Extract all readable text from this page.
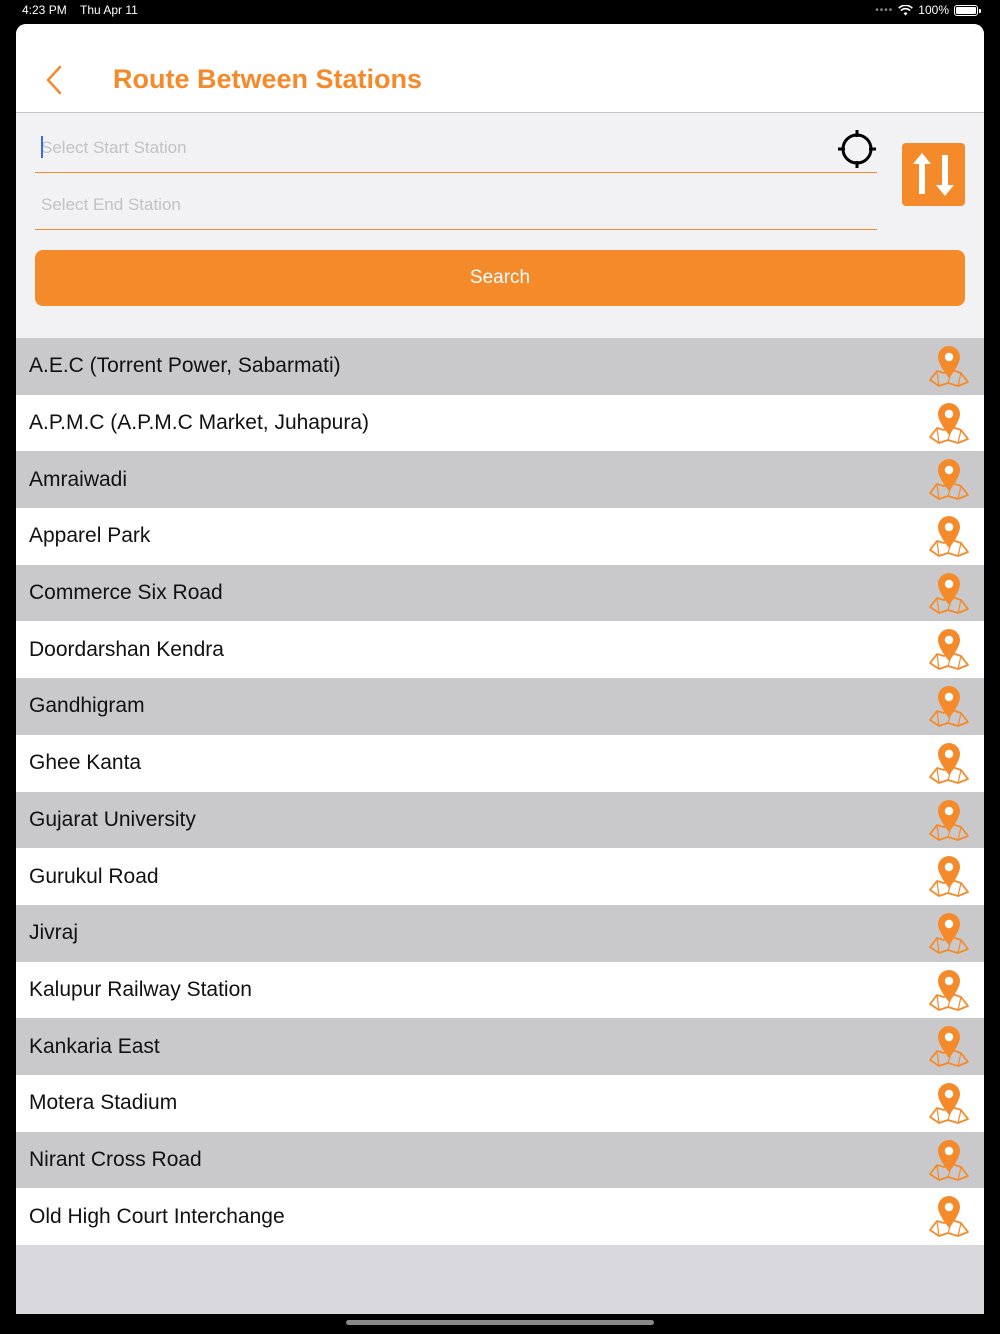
4:23 PM Thu Apr 11	•••• 100%
Route Between Stations
Select Start Station
Select End Station
Search
A.E.C (Torrent Power, Sabarmati)
A.P.M.C (A.P.M.C Market, Juhapura)
Amraiwadi
Apparel Park
Commerce Six Road
Doordarshan Kendra
Gandhigram
Ghee Kanta
Gujarat University
Gurukul Road
Jivraj
Kalupur Railway Station
Kankaria East
Motera Stadium
Nirant Cross Road
Old High Court Interchange
